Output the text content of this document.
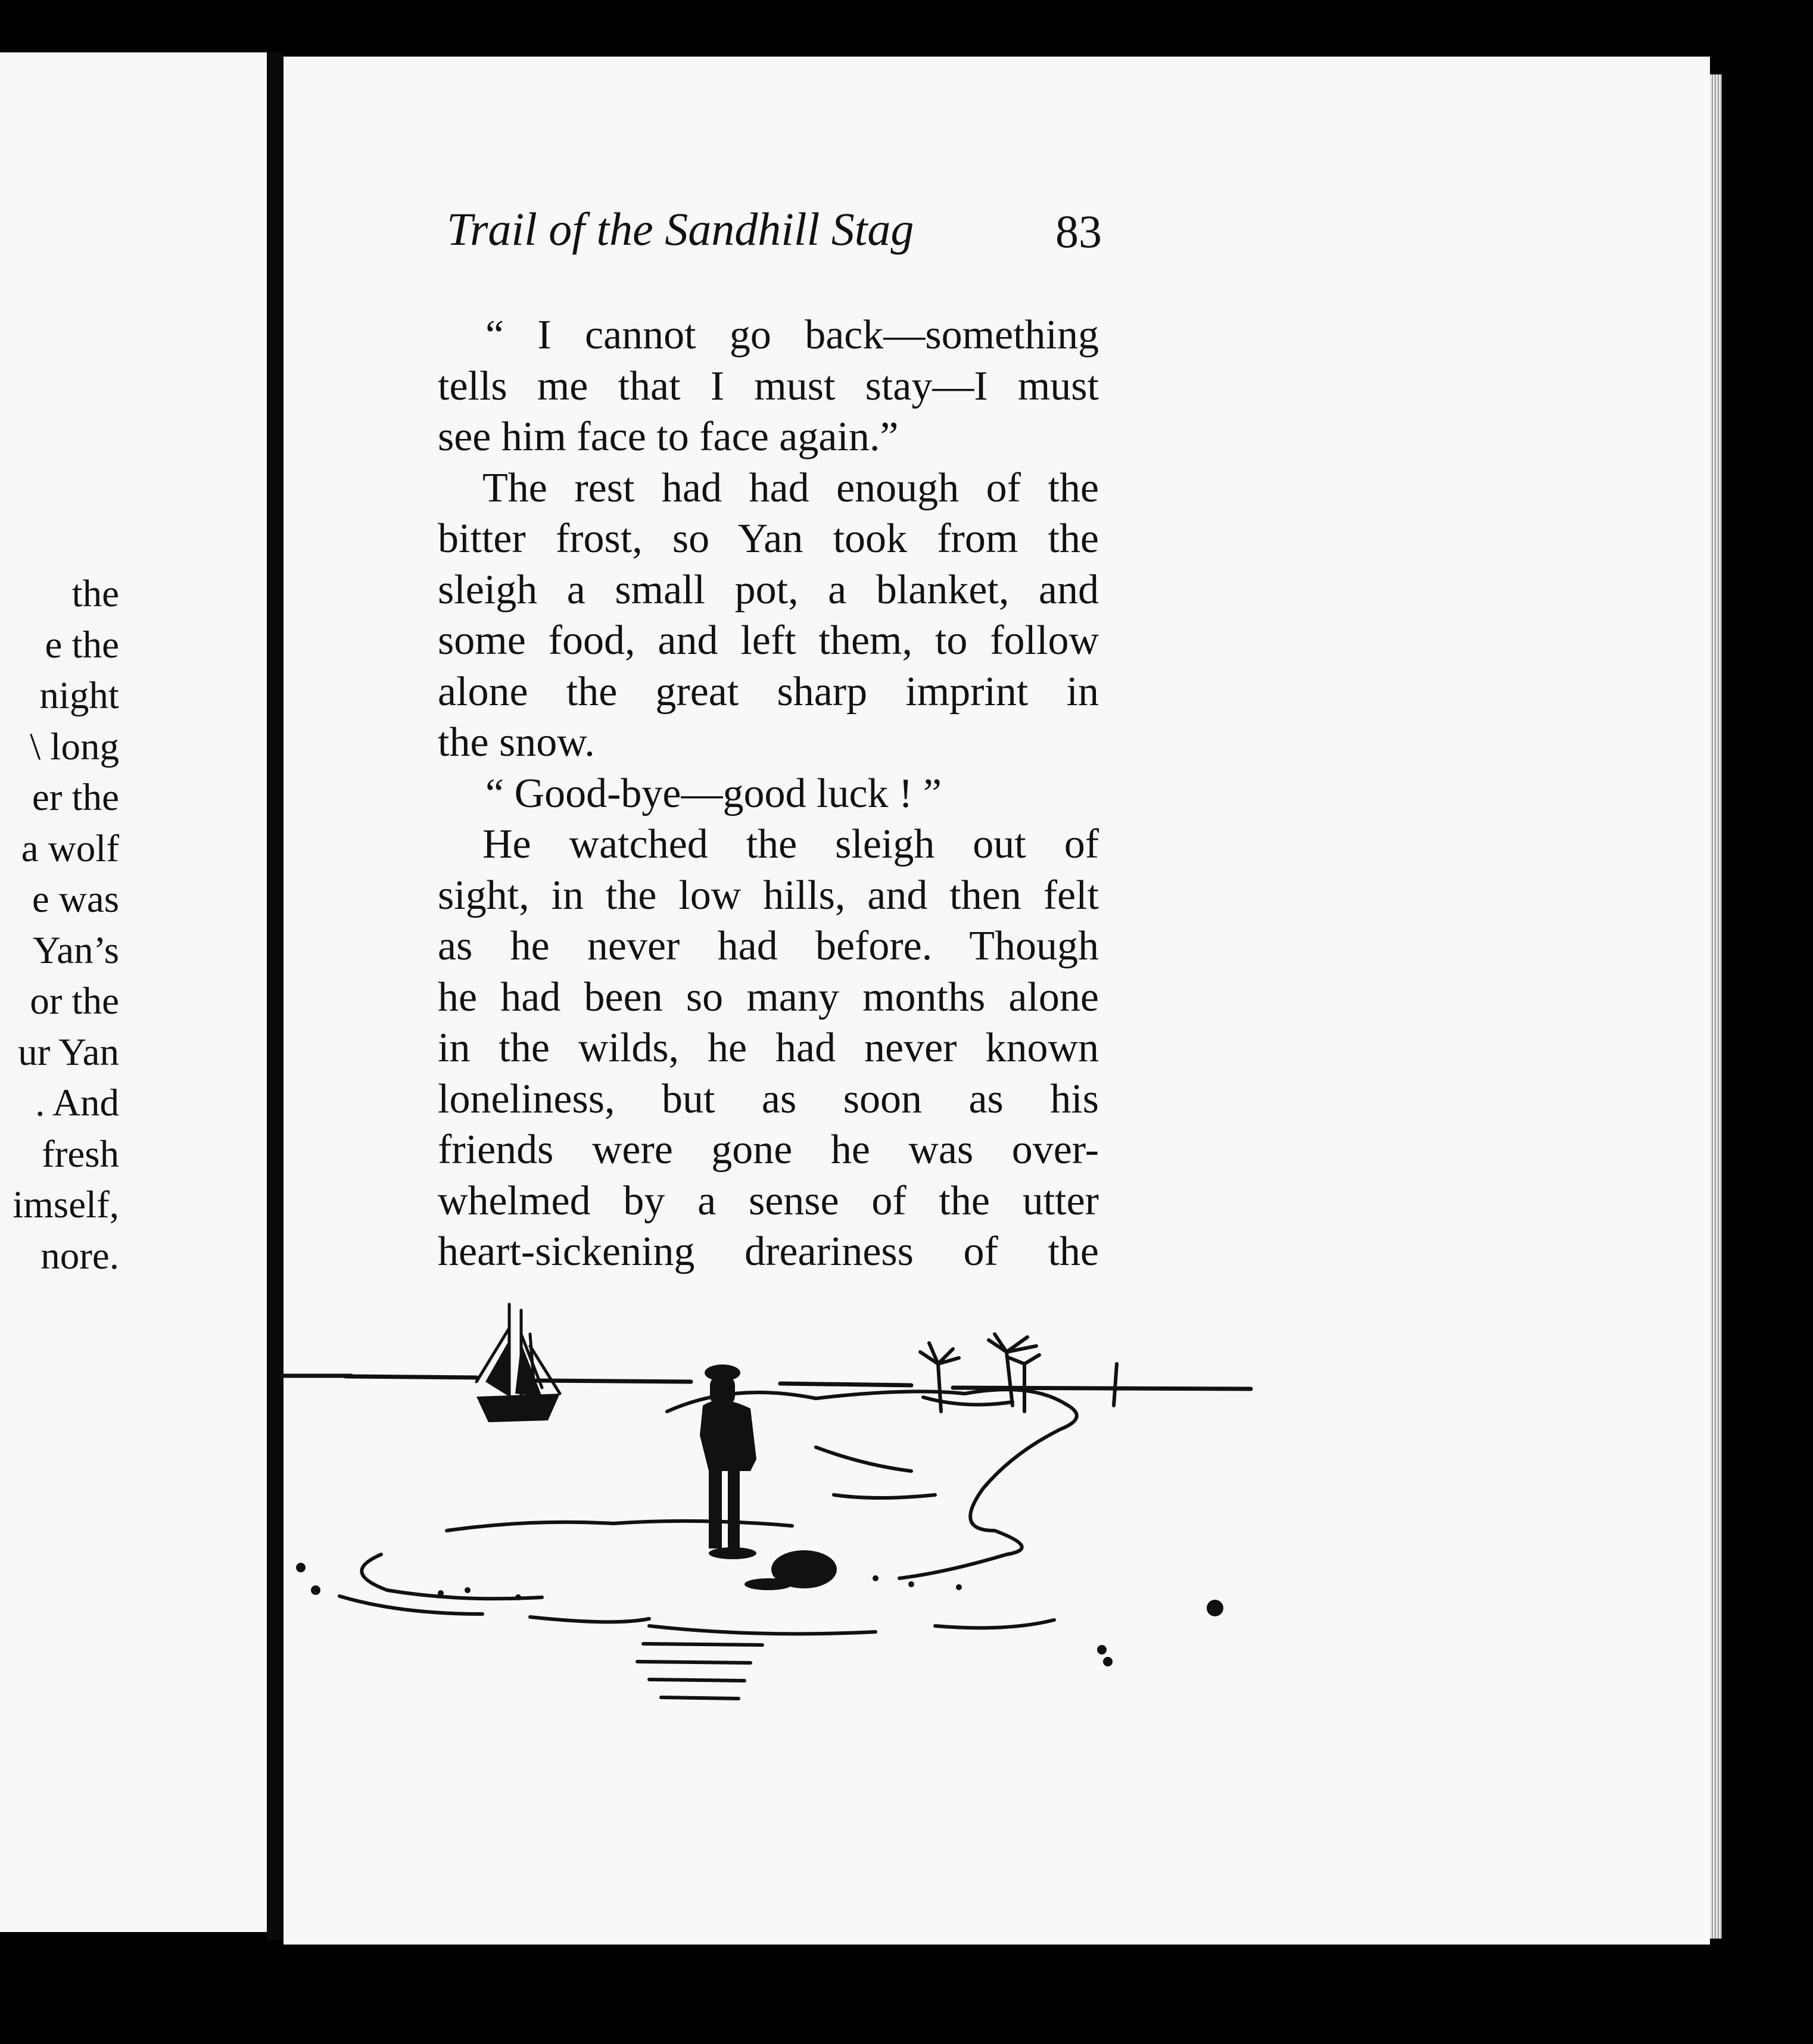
the
e the
night
\ long
er the
a wolf
e was
Yan’s
or the
ur Yan
. And
fresh
imself,
nore.
Trail of the Sandhill Stag	83
“ I cannot go back—something
tells me that I must stay—I must
see him face to face again.”
The rest had had enough of the
bitter frost, so Yan took from the
sleigh a small pot, a blanket, and
some food, and left them, to follow
alone the great sharp imprint in
the snow.
“ Good-bye—good luck ! ”
He watched the sleigh out of
sight, in the low hills, and then felt
as he never had before. Though
he had been so many months alone
in the wilds, he had never known
loneliness, but as soon as his
friends were gone he was over-
whelmed by a sense of the utter
heart-sickening dreariness of the
